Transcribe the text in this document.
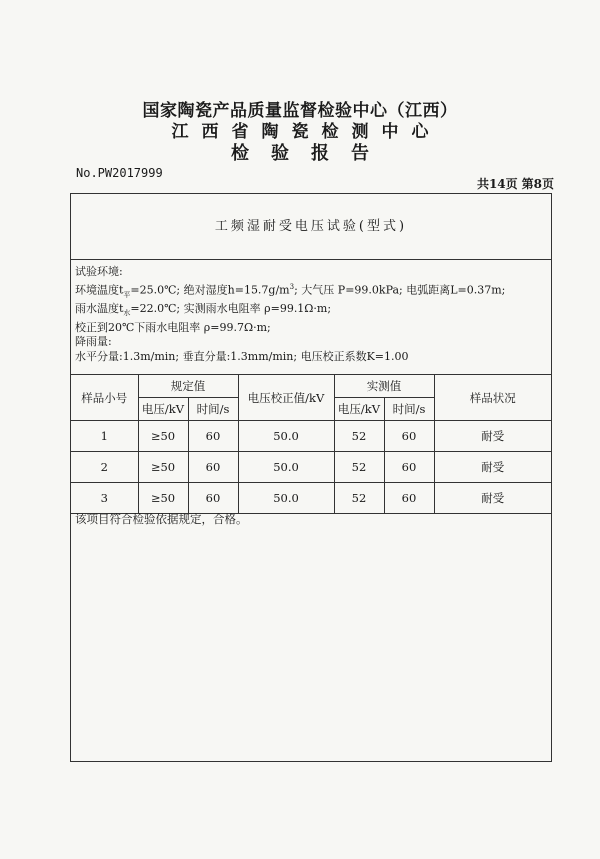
国家陶瓷产品质量监督检验中心（江西）
江西省陶瓷检测中心
检验报告
No.PW2017999
共14页 第8页
工频湿耐受电压试验(型式)
试验环境:
环境温度$t_平=25.0℃$; 绝对湿度$h=15.7g/m^3$; 大气压 P=99.0kPa; 电弧距离L=0.37m;
雨水温度$t_水=22.0℃$; 实测雨水电阻率 ρ=99.1Ω·m;
校正到20℃下雨水电阻率 ρ=99.7Ω·m;
降雨量:
水平分量:1.3m/min; 垂直分量:1.3mm/min; 电压校正系数K=1.00
样品小号	规定值		电压校正值/kV	实测值		样品状况
	电压/kV	时间/s		电压/kV	时间/s	
1	≥50	60	50.0	52	60	耐受
2	≥50	60	50.0	52	60	耐受
3	≥50	60	50.0	52	60	耐受
该项目符合检验依据规定，合格。
